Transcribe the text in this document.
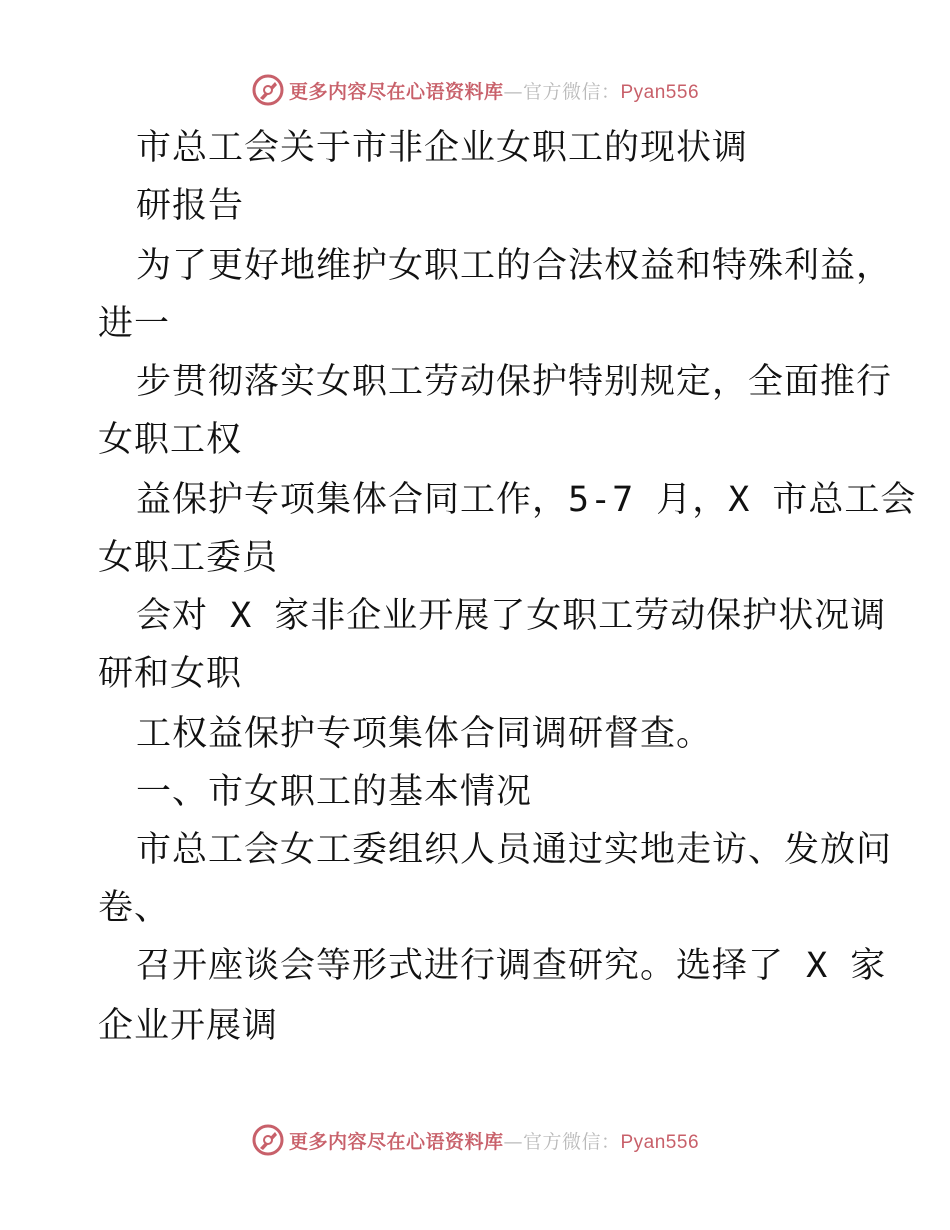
更多内容尽在心语资料库—官方微信：Pyan556
市总工会关于市非企业女职工的现状调
研报告
为了更好地维护女职工的合法权益和特殊利益，
进一
步贯彻落实女职工劳动保护特别规定，全面推行
女职工权
益保护专项集体合同工作，5-7 月，X 市总工会
女职工委员
会对 X 家非企业开展了女职工劳动保护状况调
研和女职
工权益保护专项集体合同调研督查。
一、市女职工的基本情况
市总工会女工委组织人员通过实地走访、发放问
卷、
召开座谈会等形式进行调查研究。选择了 X 家
企业开展调
更多内容尽在心语资料库—官方微信：Pyan556
